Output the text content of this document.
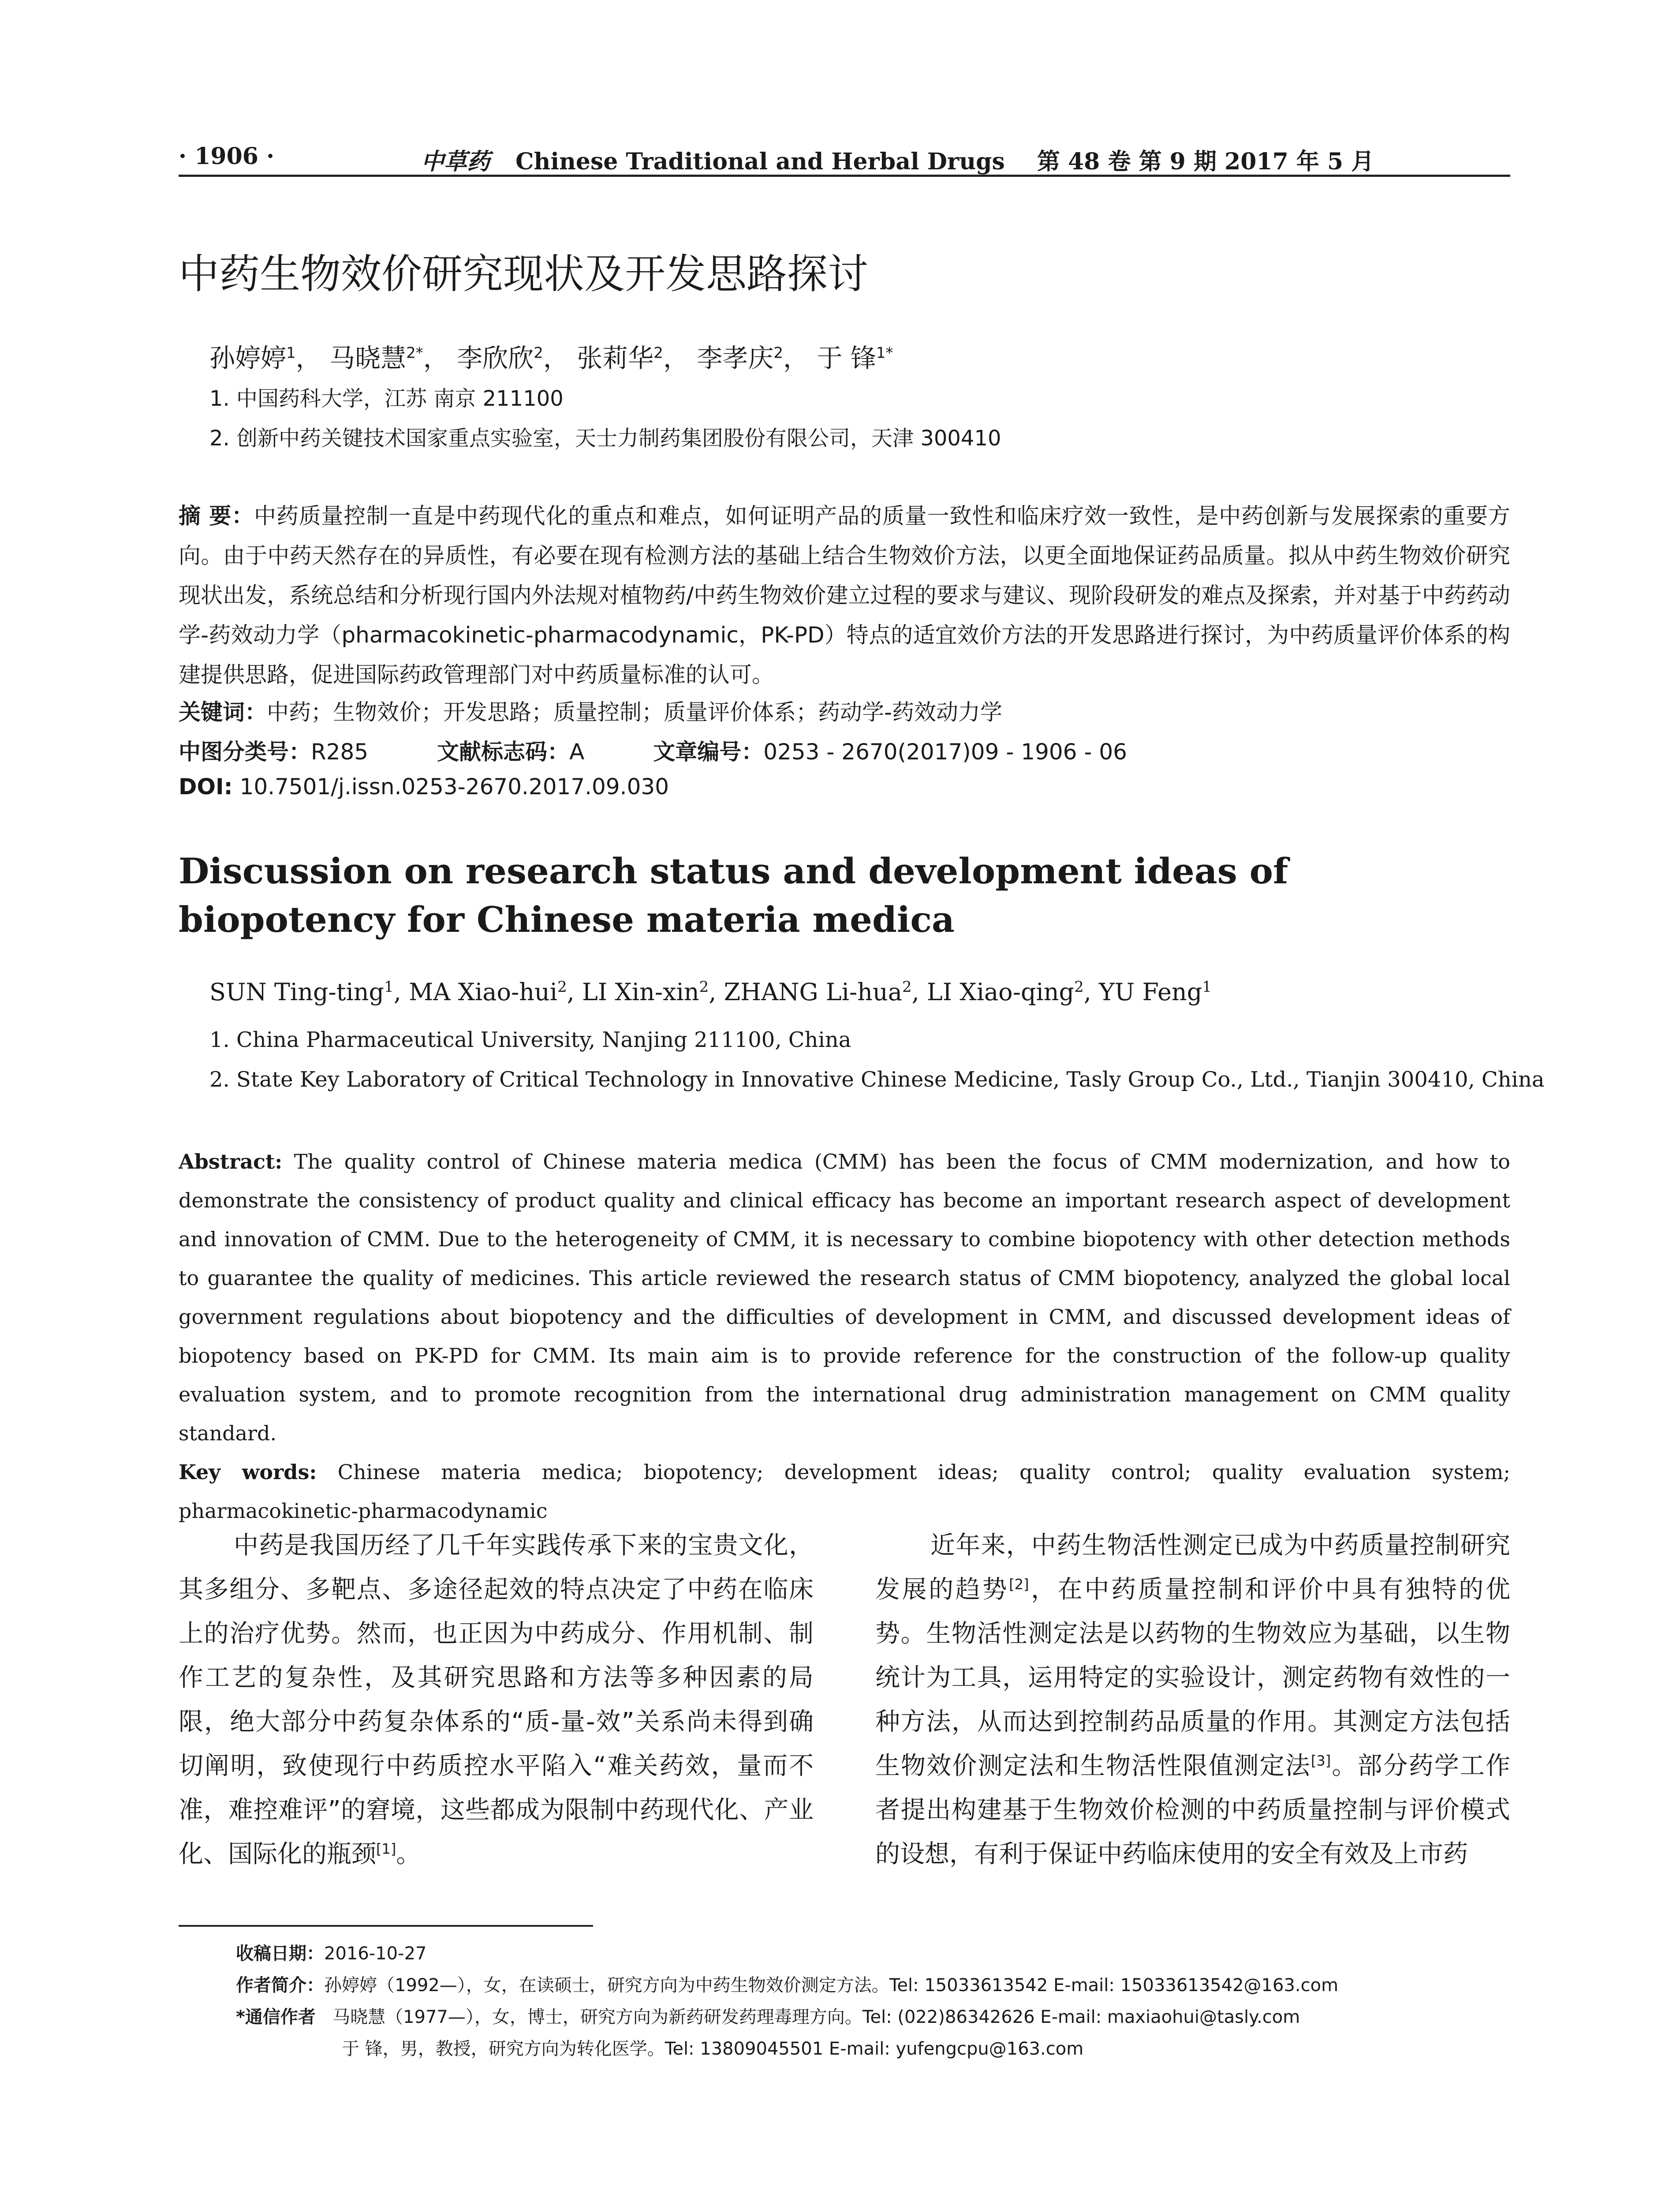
· 1906 ·	中草药 Chinese Traditional and Herbal Drugs 第 48 卷 第 9 期 2017 年 5 月
中药生物效价研究现状及开发思路探讨
孙婷婷$^1$， 马晓慧$^{2*}$， 李欣欣$^2$， 张莉华$^2$， 李孝庆$^2$， 于 锋$^{1*}$
1. 中国药科大学，江苏 南京 211100
2. 创新中药关键技术国家重点实验室，天士力制药集团股份有限公司，天津 300410
摘 要：中药质量控制一直是中药现代化的重点和难点，如何证明产品的质量一致性和临床疗效一致性，是中药创新与发展探索的重要方向。由于中药天然存在的异质性，有必要在现有检测方法的基础上结合生物效价方法，以更全面地保证药品质量。拟从中药生物效价研究现状出发，系统总结和分析现行国内外法规对植物药/中药生物效价建立过程的要求与建议、现阶段研发的难点及探索，并对基于中药药动学-药效动力学（pharmacokinetic-pharmacodynamic，PK-PD）特点的适宜效价方法的开发思路进行探讨，为中药质量评价体系的构建提供思路，促进国际药政管理部门对中药质量标准的认可。
关键词：中药；生物效价；开发思路；质量控制；质量评价体系；药动学-药效动力学
中图分类号：R285	文献标志码：A	文章编号：0253 - 2670(2017)09 - 1906 - 06
DOI: 10.7501/j.issn.0253-2670.2017.09.030
Discussion on research status and development ideas of biopotency for Chinese materia medica
SUN Ting-ting$^1$, MA Xiao-hui$^2$, LI Xin-xin$^2$, ZHANG Li-hua$^2$, LI Xiao-qing$^2$, YU Feng$^1$
1. China Pharmaceutical University, Nanjing 211100, China
2. State Key Laboratory of Critical Technology in Innovative Chinese Medicine, Tasly Group Co., Ltd., Tianjin 300410, China
Abstract: The quality control of Chinese materia medica (CMM) has been the focus of CMM modernization, and how to demonstrate the consistency of product quality and clinical efficacy has become an important research aspect of development and innovation of CMM. Due to the heterogeneity of CMM, it is necessary to combine biopotency with other detection methods to guarantee the quality of medicines. This article reviewed the research status of CMM biopotency, analyzed the global local government regulations about biopotency and the difficulties of development in CMM, and discussed development ideas of biopotency based on PK-PD for CMM. Its main aim is to provide reference for the construction of the follow-up quality evaluation system, and to promote recognition from the international drug administration management on CMM quality standard.
Key words: Chinese materia medica; biopotency; development ideas; quality control; quality evaluation system; pharmacokinetic-pharmacodynamic
中药是我国历经了几千年实践传承下来的宝贵文化，其多组分、多靶点、多途径起效的特点决定了中药在临床上的治疗优势。然而，也正因为中药成分、作用机制、制作工艺的复杂性，及其研究思路和方法等多种因素的局限，绝大部分中药复杂体系的“质-量-效”关系尚未得到确切阐明，致使现行中药质控水平陷入“难关药效，量而不准，难控难评”的窘境，这些都成为限制中药现代化、产业化、国际化的瓶颈[1]。
近年来，中药生物活性测定已成为中药质量控制研究发展的趋势[2]，在中药质量控制和评价中具有独特的优势。生物活性测定法是以药物的生物效应为基础，以生物统计为工具，运用特定的实验设计，测定药物有效性的一种方法，从而达到控制药品质量的作用。其测定方法包括生物效价测定法和生物活性限值测定法[3]。部分药学工作者提出构建基于生物效价检测的中药质量控制与评价模式的设想，有利于保证中药临床使用的安全有效及上市药
收稿日期：2016-10-27
作者简介：孙婷婷（1992—），女，在读硕士，研究方向为中药生物效价测定方法。Tel: 15033613542 E-mail: 15033613542@163.com
*通信作者 马晓慧（1977—），女，博士，研究方向为新药研发药理毒理方向。Tel: (022)86342626 E-mail: maxiaohui@tasly.com
于 锋，男，教授，研究方向为转化医学。Tel: 13809045501 E-mail: yufengcpu@163.com
